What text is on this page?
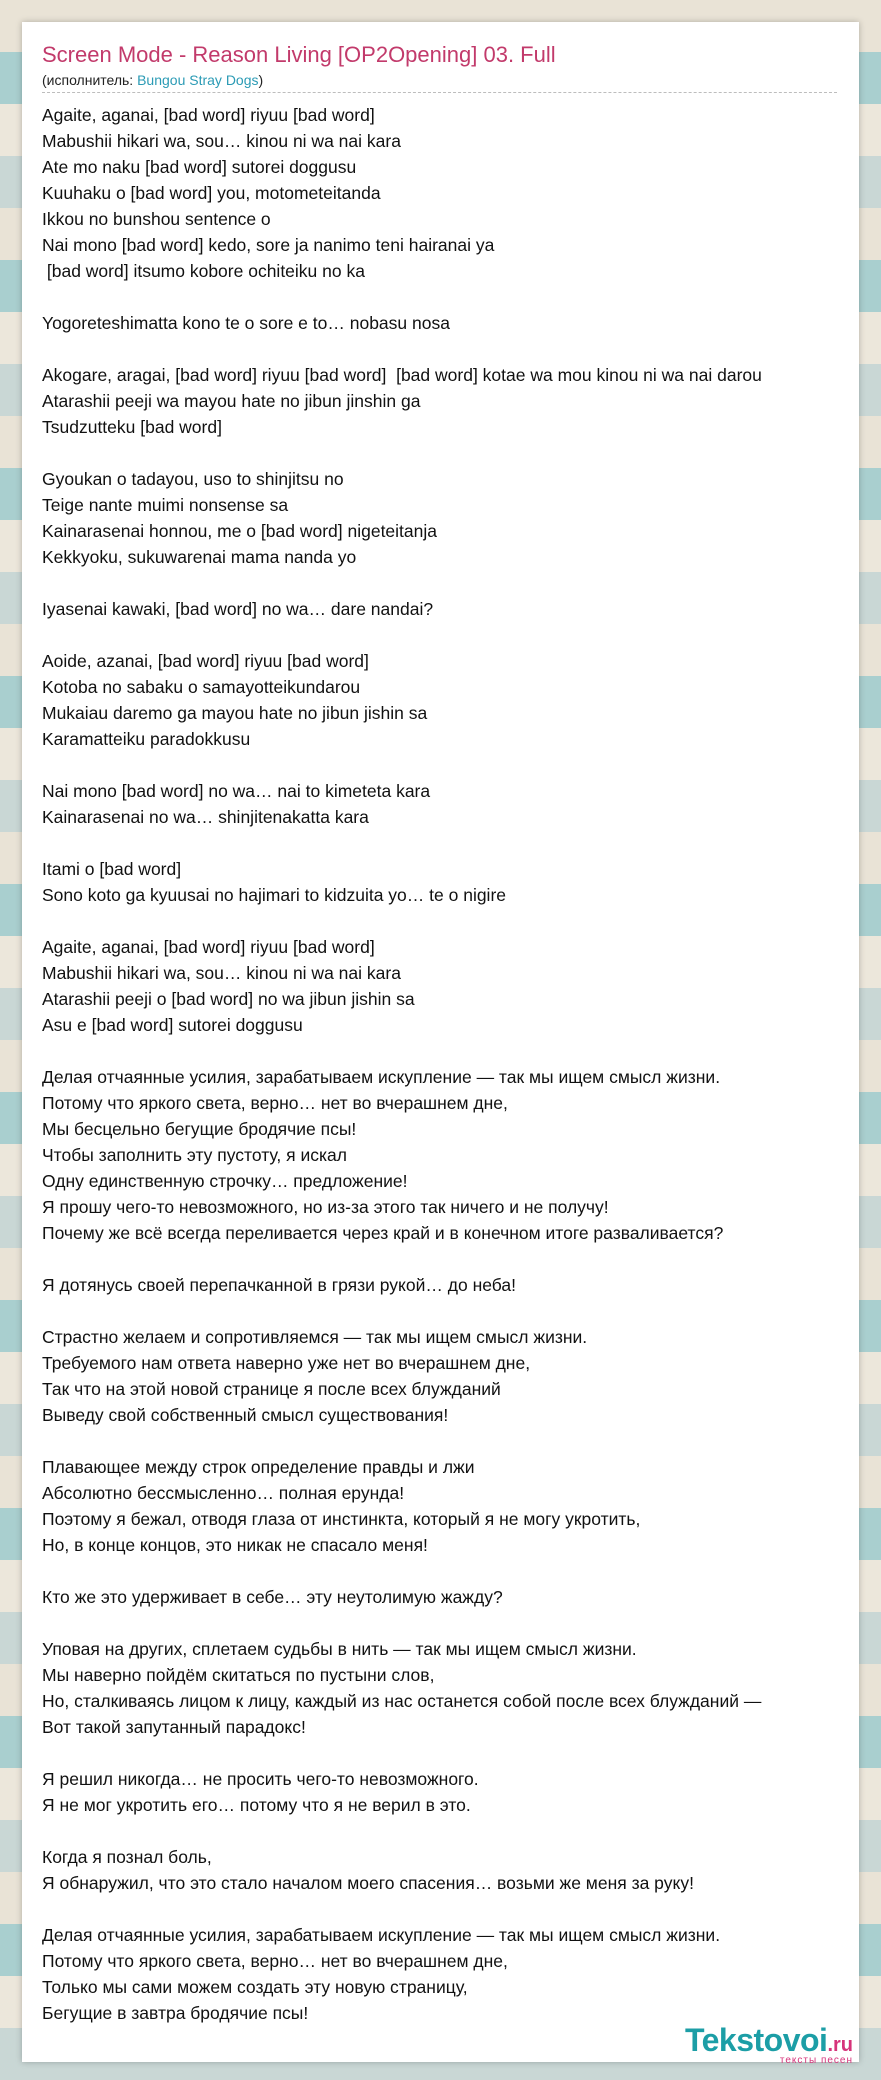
Screen Mode - Reason Living [OP2Opening] 03. Full
(исполнитель: Bungou Stray Dogs)
Agaite, aganai, [bad word] riyuu [bad word]
Mabushii hikari wa, sou… kinou ni wa nai kara
Ate mo naku [bad word] sutorei doggusu
Kuuhaku o [bad word] you, motometeitanda
Ikkou no bunshou sentence o
Nai mono [bad word] kedo, sore ja nanimo teni hairanai ya
[bad word] itsumo kobore ochiteiku no ka
Yogoreteshimatta kono te o sore e to… nobasu nosa
Akogare, aragai, [bad word] riyuu [bad word]  [bad word] kotae wa mou kinou ni wa nai darou
Atarashii peeji wa mayou hate no jibun jinshin ga
Tsudzutteku [bad word]
Gyoukan o tadayou, uso to shinjitsu no
Teige nante muimi nonsense sa
Kainarasenai honnou, me o [bad word] nigeteitanja
Kekkyoku, sukuwarenai mama nanda yo
Iyasenai kawaki, [bad word] no wa… dare nandai?
Aoide, azanai, [bad word] riyuu [bad word]
Kotoba no sabaku o samayotteikundarou
Mukaiau daremo ga mayou hate no jibun jishin sa
Karamatteiku paradokkusu
Nai mono [bad word] no wa… nai to kimeteta kara
Kainarasenai no wa… shinjitenakatta kara
Itami o [bad word]
Sono koto ga kyuusai no hajimari to kidzuita yo… te o nigire
Agaite, aganai, [bad word] riyuu [bad word]
Mabushii hikari wa, sou… kinou ni wa nai kara
Atarashii peeji o [bad word] no wa jibun jishin sa
Asu e [bad word] sutorei doggusu
Делая отчаянные усилия, зарабатываем искупление — так мы ищем смысл жизни.
Потому что яркого света, верно… нет во вчерашнем дне,
Мы бесцельно бегущие бродячие псы!
Чтобы заполнить эту пустоту, я искал
Одну единственную строчку… предложение!
Я прошу чего-то невозможного, но из-за этого так ничего и не получу!
Почему же всё всегда переливается через край и в конечном итоге разваливается?
Я дотянусь своей перепачканной в грязи рукой… до неба!
Страстно желаем и сопротивляемся — так мы ищем смысл жизни.
Требуемого нам ответа наверно уже нет во вчерашнем дне,
Так что на этой новой странице я после всех блужданий
Выведу свой собственный смысл существования!
Плавающее между строк определение правды и лжи
Абсолютно бессмысленно… полная ерунда!
Поэтому я бежал, отводя глаза от инстинкта, который я не могу укротить,
Но, в конце концов, это никак не спасало меня!
Кто же это удерживает в себе… эту неутолимую жажду?
Уповая на других, сплетаем судьбы в нить — так мы ищем смысл жизни.
Мы наверно пойдём скитаться по пустыни слов,
Но, сталкиваясь лицом к лицу, каждый из нас останется собой после всех блужданий —
Вот такой запутанный парадокс!
Я решил никогда… не просить чего-то невозможного.
Я не мог укротить его… потому что я не верил в это.
Когда я познал боль,
Я обнаружил, что это стало началом моего спасения… возьми же меня за руку!
Делая отчаянные усилия, зарабатываем искупление — так мы ищем смысл жизни.
Потому что яркого света, верно… нет во вчерашнем дне,
Только мы сами можем создать эту новую страницу,
Бегущие в завтра бродячие псы!
Tekstovoi.ru
тексты песен
